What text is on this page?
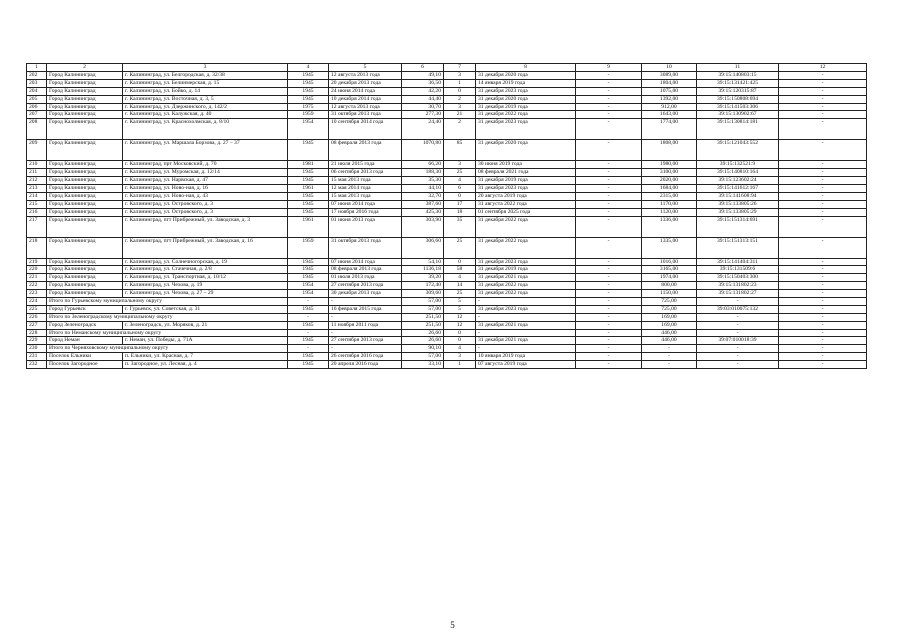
1	2	3	4	5	6	7	8	9	10	11	12
202	Город Калининград	г. Калининград, ул. Белгородская, д. 32/38	1945	12 августа 2013 года	49,10	3	31 декабря 2020 года	-	3089,00	39:15:140803:15	-
203	Город Калининград	г. Калининград, ул. Белинмерская, д. 15	1945	20 декабря 2013 года	36,50	1	14 января 2019 года	-	1804,00	39:15:131421:425	-
204	Город Калининград	г. Калининград, ул. Бойко, д. 14	1945	24 июня 2014 года	42,20	0	31 декабря 2023 года	-	1075,00	39:15:120315:87	-
205	Город Калининград	г. Калининград, ул. Восточная, д. 3, 5	1945	10 декабря 2014 года	44,40	2	31 декабря 2020 года	-	1392,00	39:15:150808:694	-
206	Город Калининград	г. Калининград, ул. Дзержинского, д. 142/2	1975	12 августа 2013 года	30,70	3	31 декабря 2019 года	-	912,00	39:15:141503:306	-
207	Город Калининград	г. Калининград, ул. Калужская, д. 40	1959	31 октября 2013 года	277,30	21	31 декабря 2022 года	-	1643,00	39:15:130902:67	-
208	Город Калининград	г. Калининград, ул. Краснохолмская, д. 8/10	1954	10 сентября 2014 года	24,40	2	31 декабря 2023 года	-	1774,00	39:15:130814:181	-
209	Город Калининград	г. Калининград, ул. Маршала Борзова, д. 27 – 37	1945	08 февраля 2013 года	1070,80	85	31 декабря 2020 года	-	1808,00	39:15:121043:552	-
210	Город Калининград	г. Калининград, прт Московский, д. 70	1981	21 июля 2015 года	66,20	3	30 июня 2019 года	-	1980,00	39:15:132521:9	-
211	Город Калининград	г. Калининград, ул. Муромская, д. 12/14	1945	06 сентября 2013 года	188,30	25	08 февраля 2021 года	-	3100,00	39:15:140810:164	-
212	Город Калининград	г. Калининград, ул. Нарвская, д. 47	1945	15 мая 2013 года	35,30	4	31 декабря 2019 года	-	2020,00	39:15:123602:24	-
213	Город Калининград	г. Калининград, ул. Ново-ная, д. 16	1961	12 мая 2014 года	44,10	6	31 декабря 2023 года	-	1684,00	39:15:141612:167	-
214	Город Калининград	г. Калининград, ул. Ново-ная, д. 43	1945	15 мая 2013 года	32,70	0	20 августа 2019 года	-	2315,00	39:15:141608:94	-
215	Город Калининград	г. Калининград, ул. Островского, д. 3	1945	07 июня 2014 года	387,60	17	31 августа 2022 года	-	1170,00	39:15:133805:26	-
216	Город Калининград	г. Калининград, ул. Островского, д. 3	1945	17 ноября 2016 года	425,30	18	01 сентября 2025 года	-	1120,00	39:15:133805:29	-
217	Город Калининград	г. Калининград, пгт Прибрежный, ул. Заводская, д. 3	1961	01 июня 2013 года	303,90	35	31 декабря 2022 года	-	1336,00	39:15:151314:691	-
218	Город Калининград	г. Калининград, пгт Прибрежный, ул. Заводская, д. 16	1959	31 октября 2013 года	306,60	25	31 декабря 2022 года	-	1335,00	39:15:151313:151	-
219	Город Калининград	г. Калининград, ул. Солнечногорская, д. 19	1945	07 июня 2014 года	54,10	0	31 декабря 2023 года	-	1016,00	39:15:141404:311	-
220	Город Калининград	г. Калининград, ул. Стачечная, д. 2/8	1945	08 февраля 2013 года	1136,18	58	31 декабря 2019 года	-	3165,00	39:15:131509:6	-
221	Город Калининград	г. Калининград, ул. Транспортная, д. 10/12	1945	01 июля 2013 года	39,20	4	31 декабря 2021 года	-	1974,00	39:15:150403:300	-
222	Город Калининград	г. Калининград, ул. Чехова, д. 19	1954	27 сентября 2013 года	172,40	14	31 декабря 2022 года	-	800,00	39:15:131802:23	-
223	Город Калининград	г. Калининград, ул. Чехова, д. 27 – 29	1954	30 декабря 2013 года	309,60	25	31 декабря 2022 года	-	1150,00	39:15:131802:27	-
224	Итого по Гурьевскому муниципальному округу		-	-	57,00	5	-	-	725,00	-	-
225	Город Гурьевск	г. Гурьевск, ул. Советская, д. 31	1945	16 февраля 2015 года	57,00	5	31 декабря 2023 года	-	725,00	39:03:010075:132	-
226	Итого по Зеленоградскому муниципальному округу		-	-	251,50	12	-	-	169,00	-	-
227	Город Зеленоградск	г. Зеленоградск, ул. Моряков, д. 21	1945	11 ноября 2011 года	251,50	12	31 декабря 2021 года	-	169,00	-	-
228	Итого по Неманскому муниципальному округу		-	-	26,60	0	-	-	446,00	-	-
229	Город Неман	г. Неман, ул. Победы, д. 71А	1945	27 сентября 2013 года	26,60	0	31 декабря 2021 года	-	446,00	39:07:010018:39	-
230	Итого по Черняховскому муниципальному округу		-	-	90,10	4	-	-	-	-	-
231	Поселок Ельники	п. Ельники, ул. Красная, д. 7	1945	26 сентября 2016 года	57,00	3	10 января 2019 года	-	-	-	-
232	Поселок Загородное	п. Загородное, ул. Лесная, д. 4	1945	20 апреля 2016 года	33,10	1	07 августа 2019 года	-	-	-	-
5
